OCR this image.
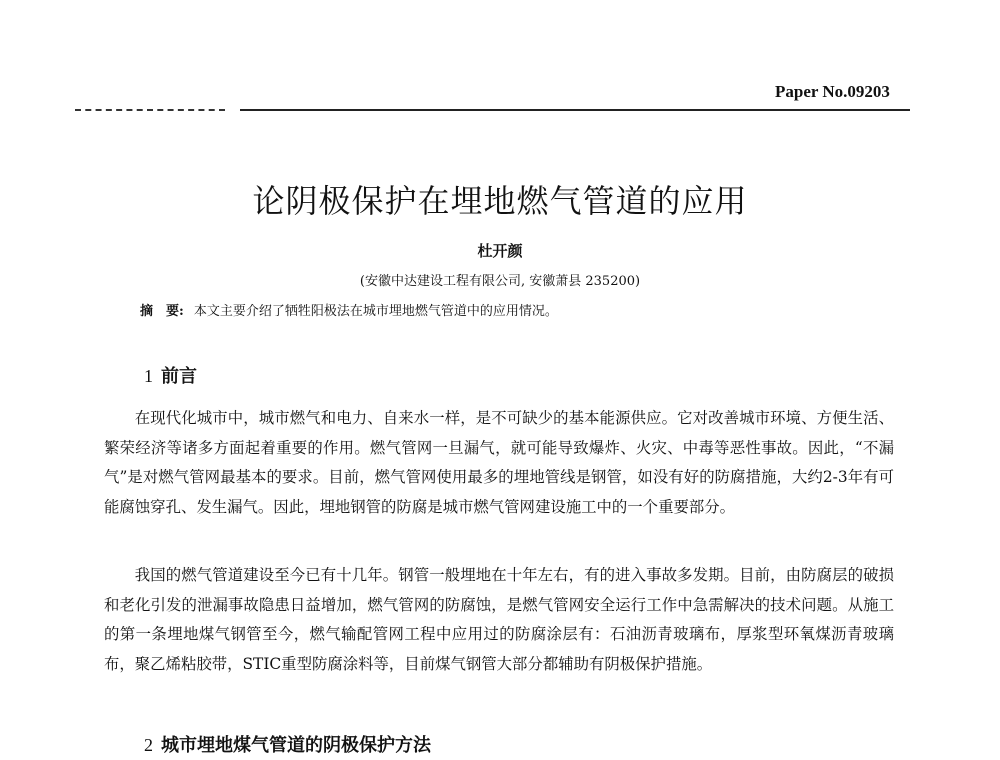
Paper No.09203
论阴极保护在埋地燃气管道的应用
杜开颜
(安徽中达建设工程有限公司, 安徽萧县 235200)
摘　要: 本文主要介绍了牺牲阳极法在城市埋地燃气管道中的应用情况。
1 前言

在现代化城市中，城市燃气和电力、自来水一样，是不可缺少的基本能源供应。它对改善城市环境、方便生活、繁荣经济等诸多方面起着重要的作用。燃气管网一旦漏气，就可能导致爆炸、火灾、中毒等恶性事故。因此，“不漏气”是对燃气管网最基本的要求。目前，燃气管网使用最多的埋地管线是钢管，如没有好的防腐措施，大约2-3年有可能腐蚀穿孔、发生漏气。因此，埋地钢管的防腐是城市燃气管网建设施工中的一个重要部分。

我国的燃气管道建设至今已有十几年。钢管一般埋地在十年左右，有的进入事故多发期。目前，由防腐层的破损和老化引发的泄漏事故隐患日益增加，燃气管网的防腐蚀，是燃气管网安全运行工作中急需解决的技术问题。从施工的第一条埋地煤气钢管至今，燃气输配管网工程中应用过的防腐涂层有：石油沥青玻璃布，厚浆型环氧煤沥青玻璃布，聚乙烯粘胶带，STIC重型防腐涂料等，目前煤气钢管大部分都辅助有阴极保护措施。

2 城市埋地煤气管道的阴极保护方法
